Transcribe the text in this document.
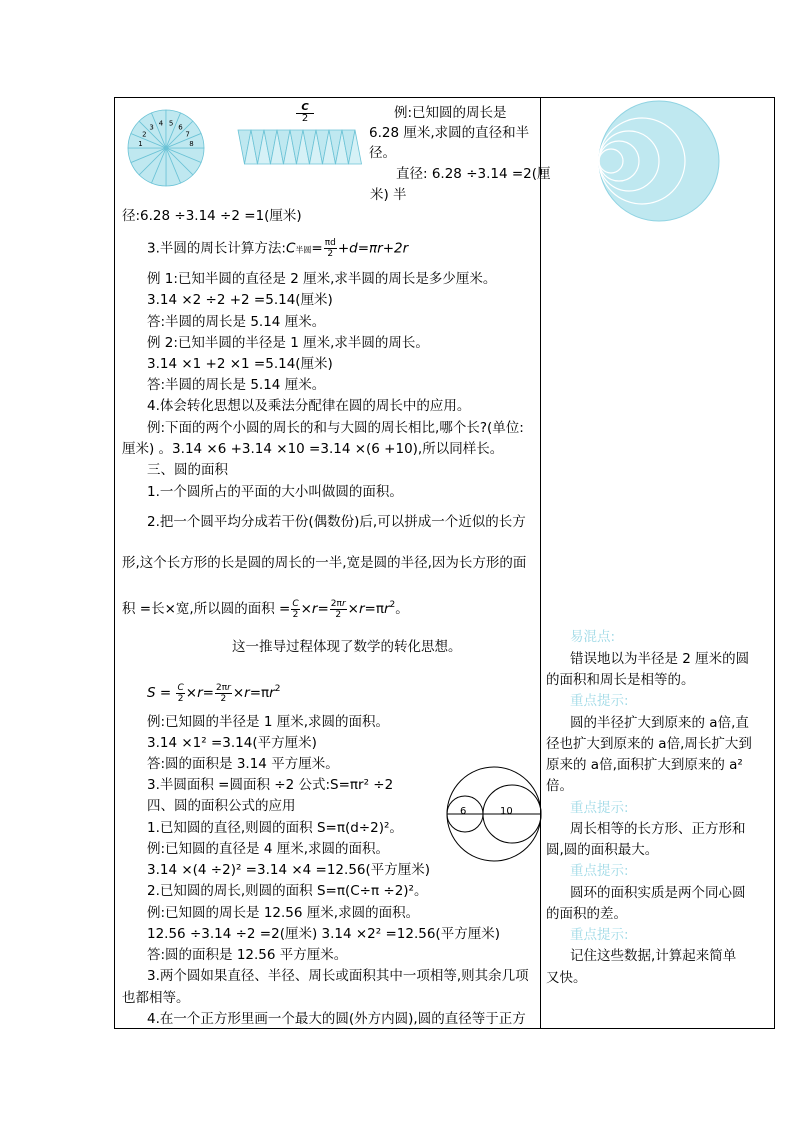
1
2
3 4 5 6
7
8
C
2	例:已知圆的周长是
6.28 厘米,求圆的直径和半
径。
直径: 6.28 ÷3.14 =2(厘
米) 半
径:6.28 ÷3.14 ÷2 =1(厘米)
3.半圆的周长计算方法:C半圆= $\frac{\pi d}{2} +d=\pi r+2r$
例 1:已知半圆的直径是 2 厘米,求半圆的周长是多少厘米。
3.14 ×2 ÷2 +2 =5.14(厘米)
答:半圆的周长是 5.14 厘米。
例 2:已知半圆的半径是 1 厘米,求半圆的周长。
3.14 ×1 +2 ×1 =5.14(厘米)
答:半圆的周长是 5.14 厘米。
4.体会转化思想以及乘法分配律在圆的周长中的应用。
例:下面的两个小圆的周长的和与大圆的周长相比,哪个长?(单位:
厘米) 。3.14 ×6 +3.14 ×10 =3.14 ×(6 +10),所以同样长。
三、圆的面积
1.一个圆所占的平面的大小叫做圆的面积。
2.把一个圆平均分成若干份(偶数份)后,可以拼成一个近似的长方
形,这个长方形的长是圆的周长的一半,宽是圆的半径,因为长方形的面
积 =长×宽,所以圆的面积 = $\frac{C}{2} \times r= \frac{2\pi r}{2} \times r=\pi r^2$。
这一推导过程体现了数学的转化思想。
$S = \frac{C}{2} \times r= \frac{2\pi r}{2} \times r=\pi r^2$
例:已知圆的半径是 1 厘米,求圆的面积。
3.14 ×1² =3.14(平方厘米)
答:圆的面积是 3.14 平方厘米。
3.半圆面积 =圆面积 ÷2 公式:S=πr² ÷2
四、圆的面积公式的应用
1.已知圆的直径,则圆的面积 S=π(d÷2)²。
例:已知圆的直径是 4 厘米,求圆的面积。
3.14 ×(4 ÷2)² =3.14 ×4 =12.56(平方厘米)
2.已知圆的周长,则圆的面积 S=π(C÷π ÷2)²。
例:已知圆的周长是 12.56 厘米,求圆的面积。
12.56 ÷3.14 ÷2 =2(厘米) 3.14 ×2² =12.56(平方厘米)
答:圆的面积是 12.56 平方厘米。
3.两个圆如果直径、半径、周长或面积其中一项相等,则其余几项
也都相等。
4.在一个正方形里画一个最大的圆(外方内圆),圆的直径等于正方
6	10
易混点:
错误地以为半径是 2 厘米的圆
的面积和周长是相等的。
重点提示:
圆的半径扩大到原来的 a倍,直
径也扩大到原来的 a倍,周长扩大到
原来的 a倍,面积扩大到原来的 a²
倍。
重点提示:
周长相等的长方形、正方形和
圆,圆的面积最大。
重点提示:
圆环的面积实质是两个同心圆
的面积的差。
重点提示:
记住这些数据,计算起来简单
又快。
